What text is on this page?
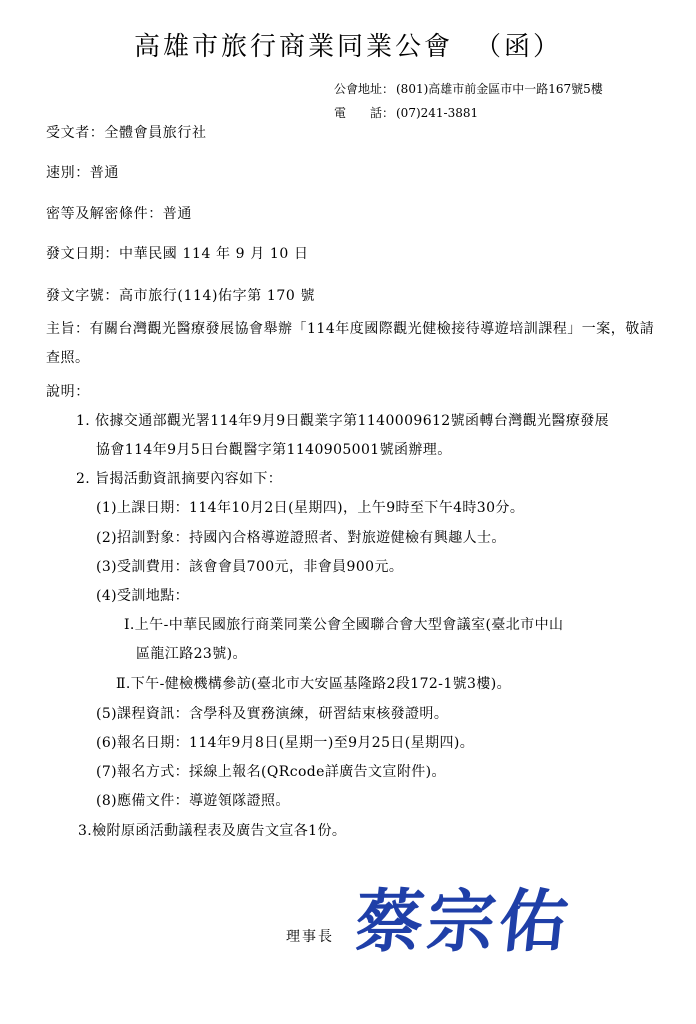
高雄市旅行商業同業公會 （函）
公會地址： (801)高雄市前金區市中一路167號5樓
電　　話： (07)241-3881
受文者：全體會員旅行社
速別：普通
密等及解密條件：普通
發文日期：中華民國 114 年 9 月 10 日
發文字號：高市旅行(114)佑字第 170 號
主旨：有關台灣觀光醫療發展協會舉辦「114年度國際觀光健檢接待導遊培訓課程」一案，敬請查照。
說明：
1. 依據交通部觀光署114年9月9日觀業字第1140009612號函轉台灣觀光醫療發展
協會114年9月5日台觀醫字第1140905001號函辦理。
2. 旨揭活動資訊摘要內容如下：
(1)上課日期：114年10月2日(星期四)，上午9時至下午4時30分。
(2)招訓對象：持國內合格導遊證照者、對旅遊健檢有興趣人士。
(3)受訓費用：該會會員700元，非會員900元。
(4)受訓地點：
Ⅰ.上午-中華民國旅行商業同業公會全國聯合會大型會議室(臺北市中山
區龍江路23號)。
Ⅱ.下午-健檢機構參訪(臺北市大安區基隆路2段172-1號3樓)。
(5)課程資訊：含學科及實務演練，研習結束核發證明。
(6)報名日期：114年9月8日(星期一)至9月25日(星期四)。
(7)報名方式：採線上報名(QRcode詳廣告文宣附件)。
(8)應備文件：導遊領隊證照。
3.檢附原函活動議程表及廣告文宣各1份。
理事長 蔡宗佑
